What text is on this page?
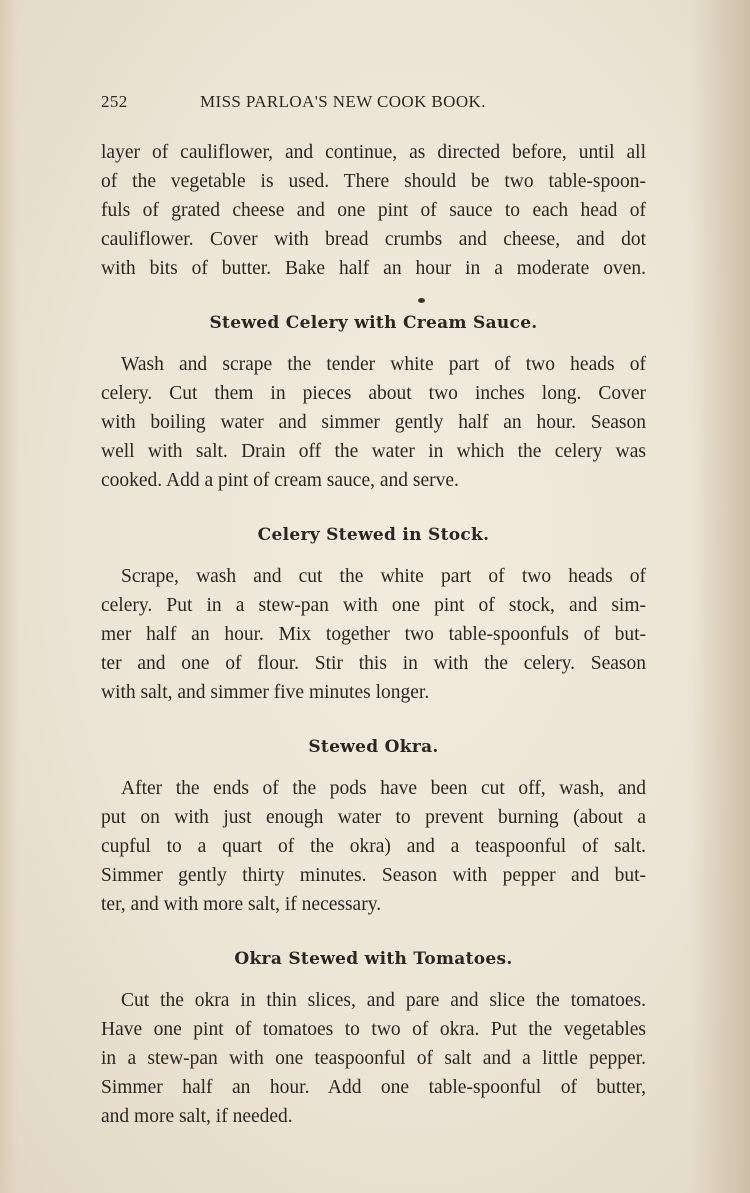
252	MISS PARLOA'S NEW COOK BOOK.
layer of cauliflower, and continue, as directed before, until all
of the vegetable is used. There should be two table-spoon-
fuls of grated cheese and one pint of sauce to each head of
cauliflower. Cover with bread crumbs and cheese, and dot
with bits of butter. Bake half an hour in a moderate oven.
Stewed Celery with Cream Sauce.
Wash and scrape the tender white part of two heads of
celery. Cut them in pieces about two inches long. Cover
with boiling water and simmer gently half an hour. Season
well with salt. Drain off the water in which the celery was
cooked. Add a pint of cream sauce, and serve.
Celery Stewed in Stock.
Scrape, wash and cut the white part of two heads of
celery. Put in a stew-pan with one pint of stock, and sim-
mer half an hour. Mix together two table-spoonfuls of but-
ter and one of flour. Stir this in with the celery. Season
with salt, and simmer five minutes longer.
Stewed Okra.
After the ends of the pods have been cut off, wash, and
put on with just enough water to prevent burning (about a
cupful to a quart of the okra) and a teaspoonful of salt.
Simmer gently thirty minutes. Season with pepper and but-
ter, and with more salt, if necessary.
Okra Stewed with Tomatoes.
Cut the okra in thin slices, and pare and slice the tomatoes.
Have one pint of tomatoes to two of okra. Put the vegetables
in a stew-pan with one teaspoonful of salt and a little pepper.
Simmer half an hour. Add one table-spoonful of butter,
and more salt, if needed.
